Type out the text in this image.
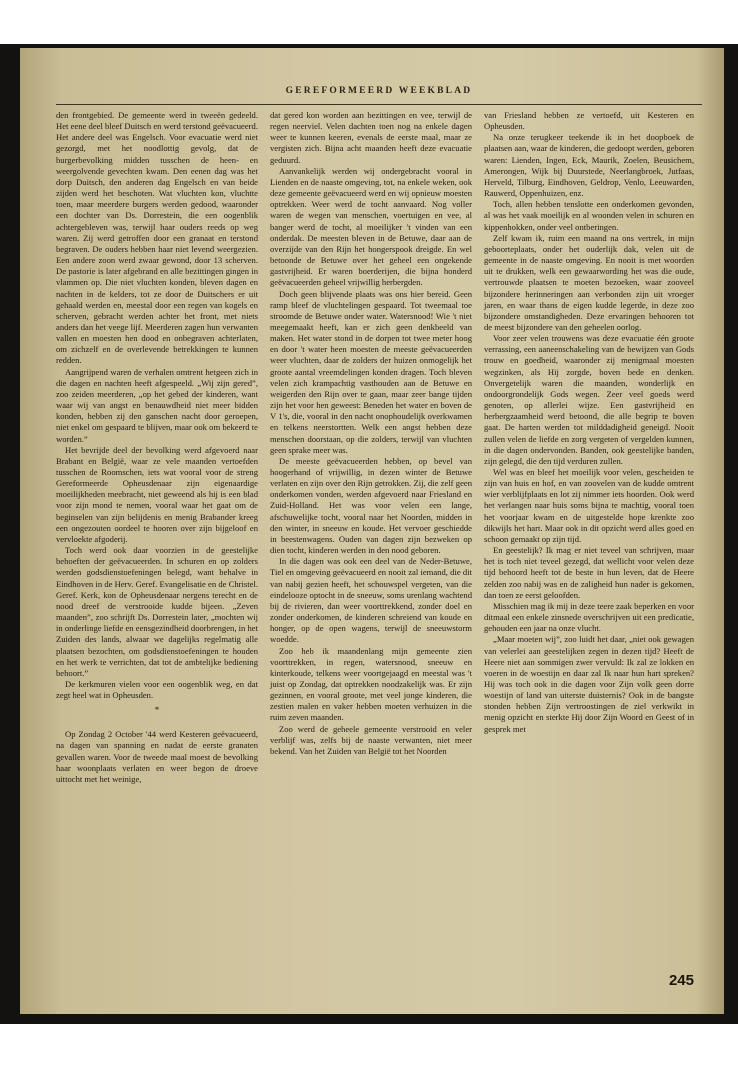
GEREFORMEERD WEEKBLAD

den frontgebied. De gemeente werd in tweeën gedeeld. Het eene deel bleef Duitsch en werd terstond geëvacueerd. Het andere deel was Engelsch. Voor evacuatie werd niet gezorgd, met het noodlottig gevolg, dat de burgerbevolking midden tusschen de heen- en weergolvende gevechten kwam. Den eenen dag was het dorp Duitsch, den anderen dag Engelsch en van beide zijden werd het beschoten. Wat vluchten kon, vluchtte toen, maar meerdere burgers werden gedood, waaronder een dochter van Ds. Dorrestein, die een oogenblik achtergebleven was, terwijl haar ouders reeds op weg waren. Zij werd getroffen door een granaat en terstond begraven. De ouders hebben haar niet levend weergezien. Een andere zoon werd zwaar gewond, door 13 scherven. De pastorie is later afgebrand en alle bezittingen gingen in vlammen op. Die niet vluchten konden, bleven dagen en nachten in de kelders, tot ze door de Duitschers er uit gehaald werden en, meestal door een regen van kogels en scherven, gebracht werden achter het front, met niets anders dan het veege lijf. Meerderen zagen hun verwanten vallen en moesten hen dood en onbegraven achterlaten, om zichzelf en de overlevende betrekkingen te kunnen redden.

Aangrijpend waren de verhalen omtrent hetgeen zich in die dagen en nachten heeft afgespeeld. „Wij zijn gered”, zoo zeiden meerderen, „op het gebed der kinderen, want waar wij van angst en benauwdheid niet meer bidden konden, hebben zij den ganschen nacht door geroepen, niet enkel om gespaard te blijven, maar ook om bekeerd te worden.”

Het bevrijde deel der bevolking werd afgevoerd naar Brabant en België, waar ze vele maanden vertoefden tusschen de Roomschen, iets wat vooral voor de streng Gereformeerde Opheusdenaar zijn eigenaardige moeilijkheden meebracht, niet geweend als hij is een blad voor zijn mond te nemen, vooral waar het gaat om de beginselen van zijn belijdenis en menig Brabander kreeg een ongezouten oordeel te hooren over zijn bijgeloof en vervloekte afgoderij.

Toch werd ook daar voorzien in de geestelijke behoeften der geëvacueerden. In schuren en op zolders werden godsdienstoefeningen belegd, want behalve in Eindhoven in de Herv. Geref. Evangelisatie en de Christel. Geref. Kerk, kon de Opheusdenaar nergens terecht en de nood dreef de verstrooide kudde bijeen. „Zeven maanden”, zoo schrijft Ds. Dorrestein later, „mochten wij in onderlinge liefde en eensgezindheid doorbrengen, in het Zuiden des lands, alwaar we dagelijks regelmatig alle plaatsen bezochten, om godsdienstoefeningen te houden en het werk te verrichten, dat tot de ambtelijke bediening behoort.”

De kerkmuren vielen voor een oogenblik weg, en dat zegt heel wat in Opheusden.

*

Op Zondag 2 October '44 werd Kesteren geëvacueerd, na dagen van spanning en nadat de eerste granaten gevallen waren. Voor de tweede maal moest de bevolking haar woonplaats verlaten en weer begon de droeve uittocht met het weinige,

dat gered kon worden aan bezittingen en vee, terwijl de regen neerviel. Velen dachten toen nog na enkele dagen weer te kunnen keeren, evenals de eerste maal, maar ze vergisten zich. Bijna acht maanden heeft deze evacuatie geduurd.

Aanvankelijk werden wij ondergebracht vooral in Lienden en de naaste omgeving, tot, na enkele weken, ook deze gemeente geëvacueerd werd en wij opnieuw moesten optrekken. Weer werd de tocht aanvaard. Nog voller waren de wegen van menschen, voertuigen en vee, al banger werd de tocht, al moeilijker 't vinden van een onderdak. De meesten bleven in de Betuwe, daar aan de overzijde van den Rijn het hongerspook dreigde. En wel betoonde de Betuwe over het geheel een ongekende gastvrijheid. Er waren boerderijen, die bijna honderd geëvacueerden geheel vrijwillig herbergden.

Doch geen blijvende plaats was ons hier bereid. Geen ramp bleef de vluchtelingen gespaard. Tot tweemaal toe stroomde de Betuwe onder water. Watersnood! Wie 't niet meegemaakt heeft, kan er zich geen denkbeeld van maken. Het water stond in de dorpen tot twee meter hoog en door 't water heen moesten de meeste geëvacueerden weer vluchten, daar de zolders der huizen onmogelijk het groote aantal vreemdelingen konden dragen. Toch bleven velen zich krampachtig vasthouden aan de Betuwe en weigerden den Rijn over te gaan, maar zeer bange tijden zijn het voor hen geweest: Beneden het water en boven de V 1's, die, vooral in den nacht onophoudelijk overkwamen en telkens neerstortten. Welk een angst hebben deze menschen doorstaan, op die zolders, terwijl van vluchten geen sprake meer was.

De meeste geëvacueerden hebben, op bevel van hoogerhand of vrijwillig, in dezen winter de Betuwe verlaten en zijn over den Rijn getrokken. Zij, die zelf geen onderkomen vonden, werden afgevoerd naar Friesland en Zuid-Holland. Het was voor velen een lange, afschuwelijke tocht, vooral naar het Noorden, midden in den winter, in sneeuw en koude. Het vervoer geschiedde in beestenwagens. Ouden van dagen zijn bezweken op dien tocht, kinderen werden in den nood geboren.

In die dagen was ook een deel van de Neder-Betuwe, Tiel en omgeving geëvacueerd en nooit zal iemand, die dit van nabij gezien heeft, het schouwspel vergeten, van die eindelooze optocht in de sneeuw, soms urenlang wachtend bij de rivieren, dan weer voorttrekkend, zonder doel en zonder onderkomen, de kinderen schreiend van koude en honger, op de open wagens, terwijl de sneeuwstorm woedde.

Zoo heb ik maandenlang mijn gemeente zien voorttrekken, in regen, watersnood, sneeuw en kinterkoude, telkens weer voortgejaagd en meestal was 't juist op Zondag, dat optrekken noodzakelijk was. Er zijn gezinnen, en vooral groote, met veel jonge kinderen, die zestien malen en vaker hebben moeten verhuizen in die ruim zeven maanden.

Zoo werd de geheele gemeente verstrooid en veler verblijf was, zelfs bij de naaste verwanten, niet meer bekend. Van het Zuiden van België tot het Noorden

van Friesland hebben ze vertoefd, uit Kesteren en Opheusden.

Na onze terugkeer teekende ik in het doopboek de plaatsen aan, waar de kinderen, die gedoopt werden, geboren waren: Lienden, Ingen, Eck, Maurik, Zoelen, Beusichem, Amerongen, Wijk bij Duurstede, Neerlangbroek, Jutfaas, Herveld, Tilburg, Eindhoven, Geldrop, Venlo, Leeuwarden, Rauwerd, Oppenhuizen, enz.

Toch, allen hebben tenslotte een onderkomen gevonden, al was het vaak moeilijk en al woonden velen in schuren en kippenhokken, onder veel ontberingen.

Zelf kwam ik, ruim een maand na ons vertrek, in mijn geboorteplaats, onder het ouderlijk dak, velen uit de gemeente in de naaste omgeving. En nooit is met woorden uit te drukken, welk een gewaarwording het was die oude, vertrouwde plaatsen te moeten bezoeken, waar zooveel bijzondere herinneringen aan verbonden zijn uit vroeger jaren, en waar thans de eigen kudde legerde, in deze zoo bijzondere omstandigheden. Deze ervaringen behooren tot de meest bijzondere van den geheelen oorlog.

Voor zeer velen trouwens was deze evacuatie één groote verrassing, een aaneenschakeling van de bewijzen van Gods trouw en goedheid, waaronder zij menigmaal moesten wegzinken, als Hij zorgde, boven bede en denken. Onvergetelijk waren die maanden, wonderlijk en ondoorgrondelijk Gods wegen. Zeer veel goeds werd genoten, op allerlei wijze. Een gastvrijheid en herbergzaamheid werd betoond, die alle begrip te boven gaat. De harten werden tot milddadigheid geneigd. Nooit zullen velen de liefde en zorg vergeten of vergelden kunnen, in die dagen ondervonden. Banden, ook geestelijke banden, zijn gelegd, die den tijd verduren zullen.

Wel was en bleef het moeilijk voor velen, gescheiden te zijn van huis en hof, en van zoovelen van de kudde omtrent wier verblijfplaats en lot zij nimmer iets hoorden. Ook werd het verlangen naar huis soms bijna te machtig, vooral toen het voorjaar kwam en de uitgestelde hope krenkte zoo dikwijls het hart. Maar ook in dit opzicht werd alles goed en schoon gemaakt op zijn tijd.

En geestelijk? Ik mag er niet teveel van schrijven, maar het is toch niet teveel gezegd, dat wellicht voor velen deze tijd behoord heeft tot de beste in hun leven, dat de Heere zelden zoo nabij was en de zaligheid hun nader is gekomen, dan toen ze eerst geloofden.

Misschien mag ik mij in deze teere zaak beperken en voor ditmaal een enkele zinsnede overschrijven uit een predicatie, gehouden een jaar na onze vlucht.

„Maar moeten wij”, zoo luidt het daar, „niet ook gewagen van velerlei aan geestelijken zegen in dezen tijd? Heeft de Heere niet aan sommigen zwer vervuld: Ik zal ze lokken en voeren in de woestijn en daar zal Ik naar hun hart spreken? Hij was toch ook in die dagen voor Zijn volk geen dorre woestijn of land van uiterste duisternis? Ook in de bangste stonden hebben Zijn vertroostingen de ziel verkwikt in menig opzicht en sterkte Hij door Zijn Woord en Geest of in gesprek met

245
